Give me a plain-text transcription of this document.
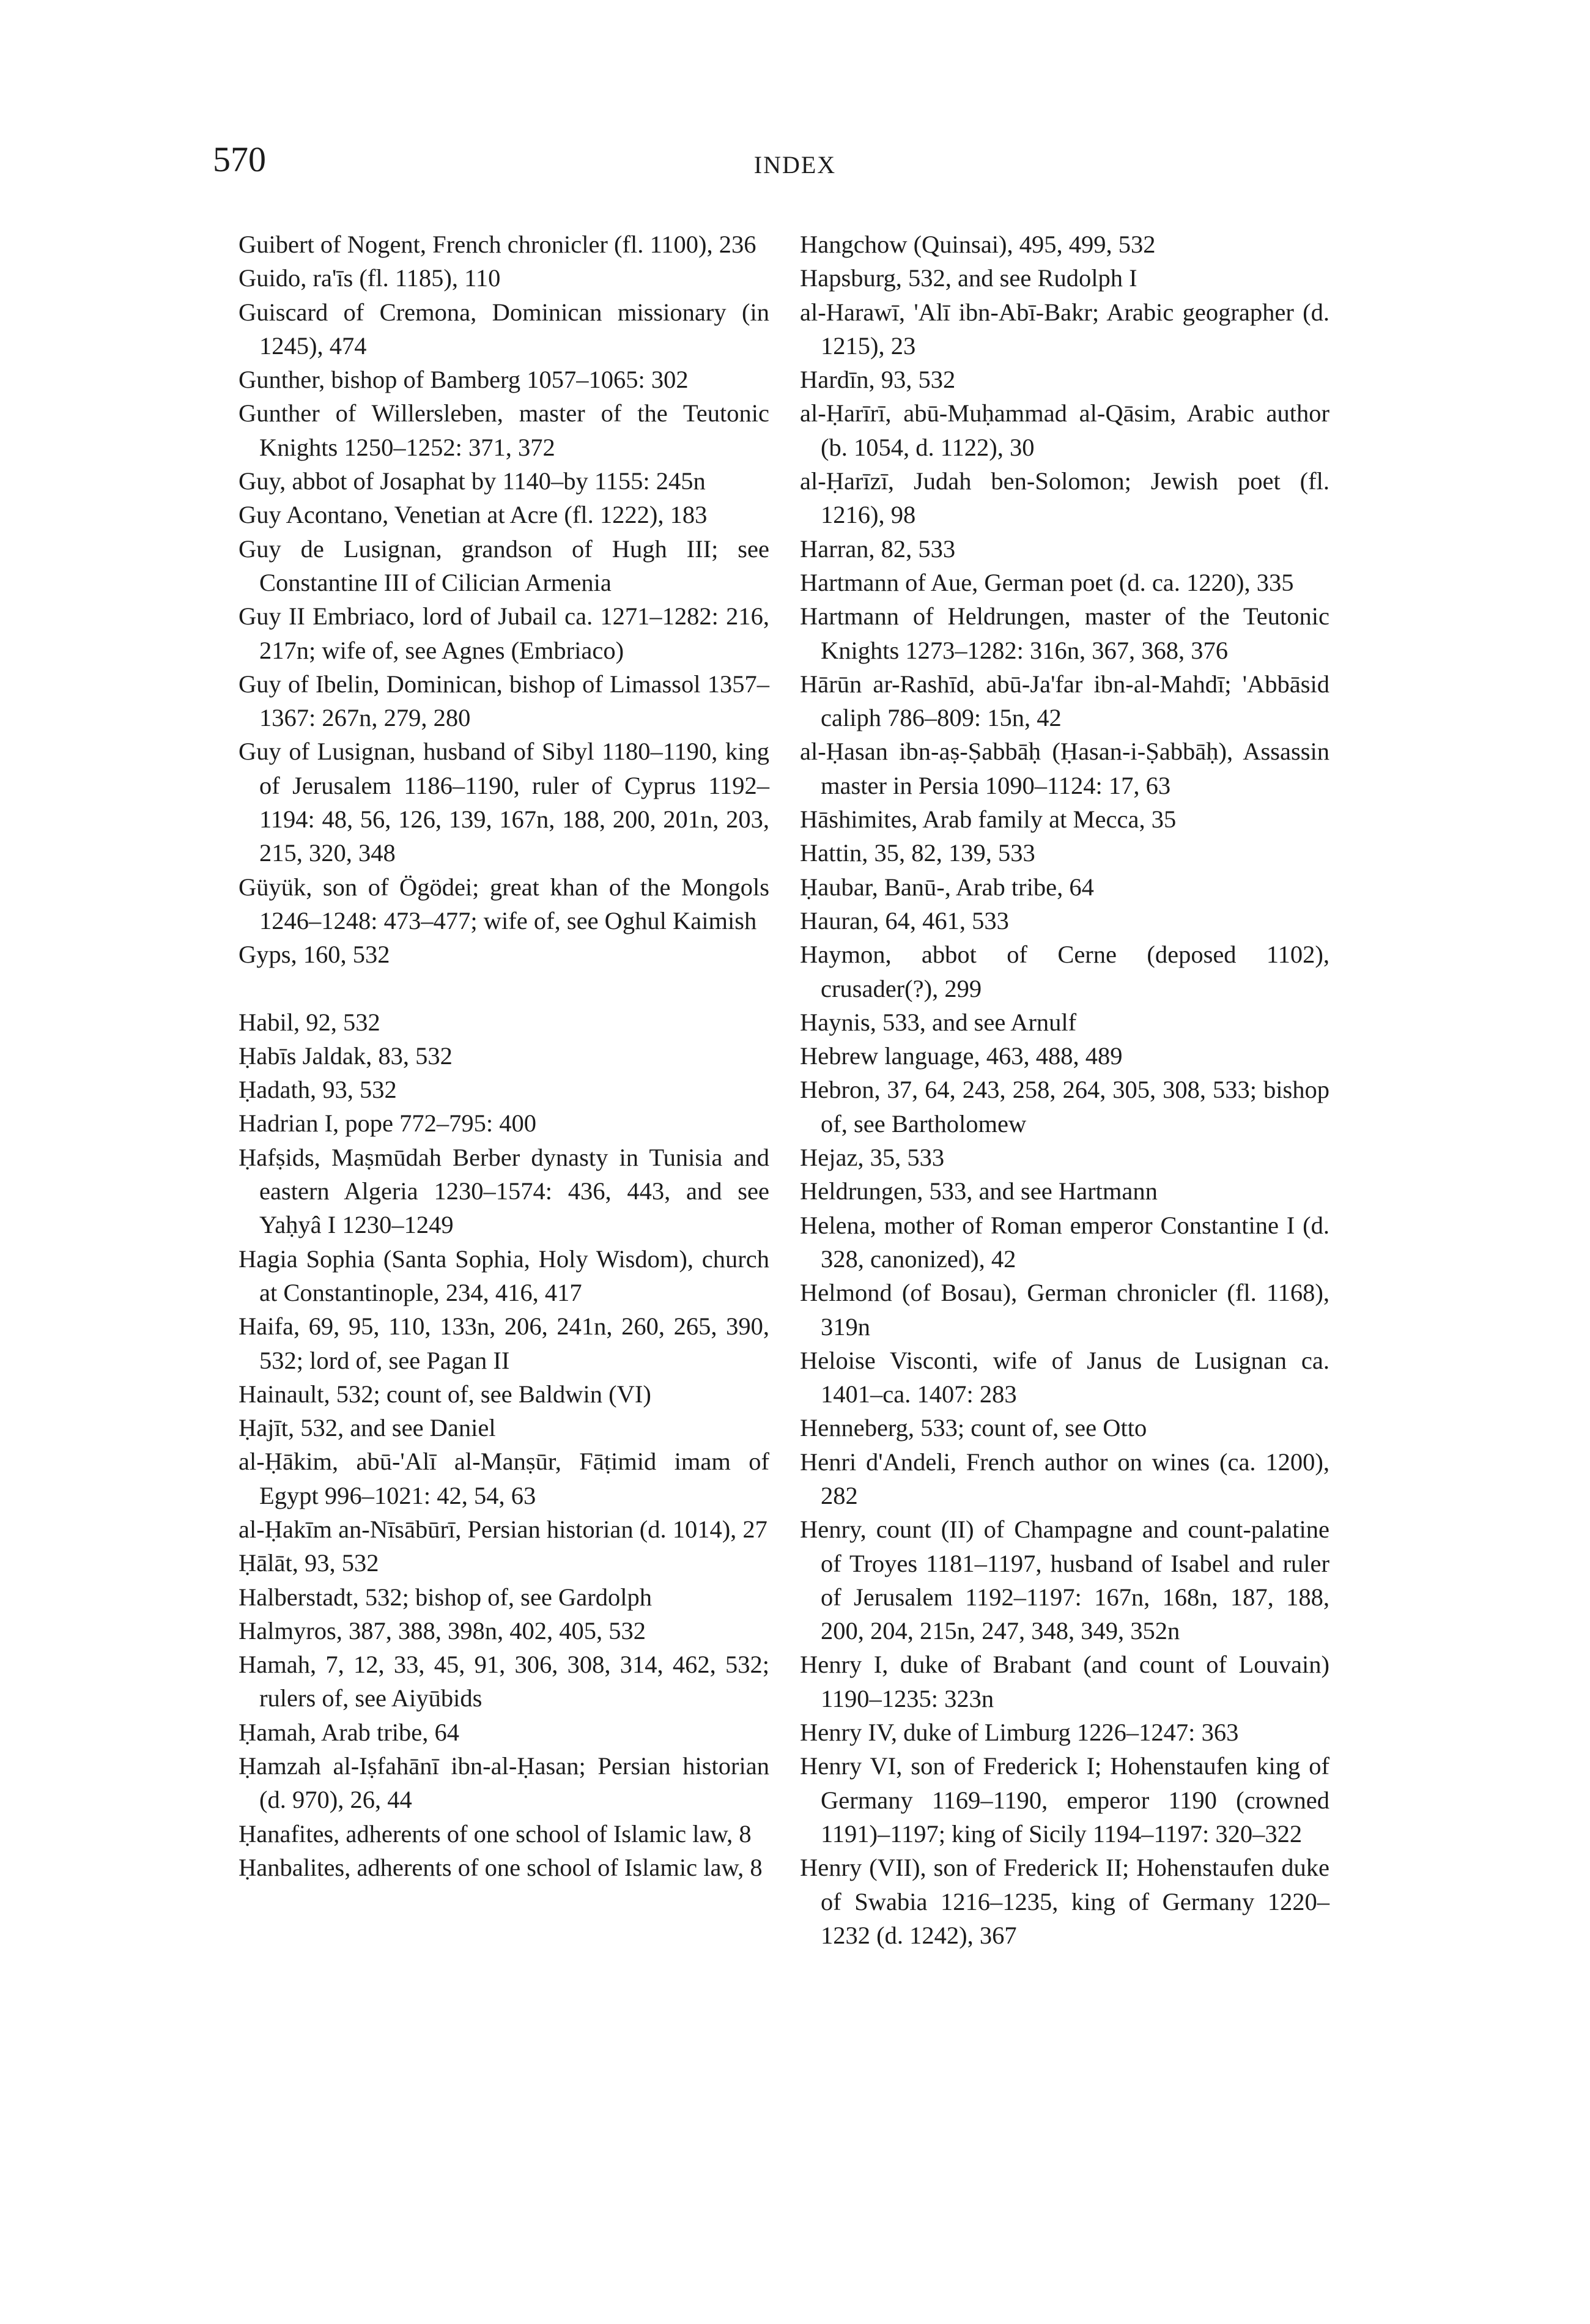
570	INDEX

Guibert of Nogent, French chronicler (fl. 1100), 236

Guido, ra'īs (fl. 1185), 110

Guiscard of Cremona, Dominican missionary (in 1245), 474

Gunther, bishop of Bamberg 1057–1065: 302

Gunther of Willersleben, master of the Teutonic Knights 1250–1252: 371, 372

Guy, abbot of Josaphat by 1140–by 1155: 245n

Guy Acontano, Venetian at Acre (fl. 1222), 183

Guy de Lusignan, grandson of Hugh III; see Constantine III of Cilician Armenia

Guy II Embriaco, lord of Jubail ca. 1271–1282: 216, 217n; wife of, see Agnes (Embriaco)

Guy of Ibelin, Dominican, bishop of Limassol 1357–1367: 267n, 279, 280

Guy of Lusignan, husband of Sibyl 1180–1190, king of Jerusalem 1186–1190, ruler of Cyprus 1192–1194: 48, 56, 126, 139, 167n, 188, 200, 201n, 203, 215, 320, 348

Güyük, son of Ögödei; great khan of the Mongols 1246–1248: 473–477; wife of, see Oghul Kaimish

Gyps, 160, 532

Habil, 92, 532

Ḥabīs Jaldak, 83, 532

Ḥadath, 93, 532

Hadrian I, pope 772–795: 400

Ḥafṣids, Maṣmūdah Berber dynasty in Tunisia and eastern Algeria 1230–1574: 436, 443, and see Yaḥyâ I 1230–1249

Hagia Sophia (Santa Sophia, Holy Wisdom), church at Constantinople, 234, 416, 417

Haifa, 69, 95, 110, 133n, 206, 241n, 260, 265, 390, 532; lord of, see Pagan II

Hainault, 532; count of, see Baldwin (VI)

Ḥajīt, 532, and see Daniel

al-Ḥākim, abū-'Alī al-Manṣūr, Fāṭimid imam of Egypt 996–1021: 42, 54, 63

al-Ḥakīm an-Nīsābūrī, Persian historian (d. 1014), 27

Ḥālāt, 93, 532

Halberstadt, 532; bishop of, see Gardolph

Halmyros, 387, 388, 398n, 402, 405, 532

Hamah, 7, 12, 33, 45, 91, 306, 308, 314, 462, 532; rulers of, see Aiyūbids

Ḥamah, Arab tribe, 64

Ḥamzah al-Iṣfahānī ibn-al-Ḥasan; Persian historian (d. 970), 26, 44

Ḥanafites, adherents of one school of Islamic law, 8

Ḥanbalites, adherents of one school of Islamic law, 8

Hangchow (Quinsai), 495, 499, 532

Hapsburg, 532, and see Rudolph I

al-Harawī, 'Alī ibn-Abī-Bakr; Arabic geographer (d. 1215), 23

Hardīn, 93, 532

al-Ḥarīrī, abū-Muḥammad al-Qāsim, Arabic author (b. 1054, d. 1122), 30

al-Ḥarīzī, Judah ben-Solomon; Jewish poet (fl. 1216), 98

Harran, 82, 533

Hartmann of Aue, German poet (d. ca. 1220), 335

Hartmann of Heldrungen, master of the Teutonic Knights 1273–1282: 316n, 367, 368, 376

Hārūn ar-Rashīd, abū-Ja'far ibn-al-Mahdī; 'Abbāsid caliph 786–809: 15n, 42

al-Ḥasan ibn-aṣ-Ṣabbāḥ (Ḥasan-i-Ṣabbāḥ), Assassin master in Persia 1090–1124: 17, 63

Hāshimites, Arab family at Mecca, 35

Hattin, 35, 82, 139, 533

Ḥaubar, Banū-, Arab tribe, 64

Hauran, 64, 461, 533

Haymon, abbot of Cerne (deposed 1102), crusader(?), 299

Haynis, 533, and see Arnulf

Hebrew language, 463, 488, 489

Hebron, 37, 64, 243, 258, 264, 305, 308, 533; bishop of, see Bartholomew

Hejaz, 35, 533

Heldrungen, 533, and see Hartmann

Helena, mother of Roman emperor Constantine I (d. 328, canonized), 42

Helmond (of Bosau), German chronicler (fl. 1168), 319n

Heloise Visconti, wife of Janus de Lusignan ca. 1401–ca. 1407: 283

Henneberg, 533; count of, see Otto

Henri d'Andeli, French author on wines (ca. 1200), 282

Henry, count (II) of Champagne and count-palatine of Troyes 1181–1197, husband of Isabel and ruler of Jerusalem 1192–1197: 167n, 168n, 187, 188, 200, 204, 215n, 247, 348, 349, 352n

Henry I, duke of Brabant (and count of Louvain) 1190–1235: 323n

Henry IV, duke of Limburg 1226–1247: 363

Henry VI, son of Frederick I; Hohenstaufen king of Germany 1169–1190, emperor 1190 (crowned 1191)–1197; king of Sicily 1194–1197: 320–322

Henry (VII), son of Frederick II; Hohenstaufen duke of Swabia 1216–1235, king of Germany 1220–1232 (d. 1242), 367
